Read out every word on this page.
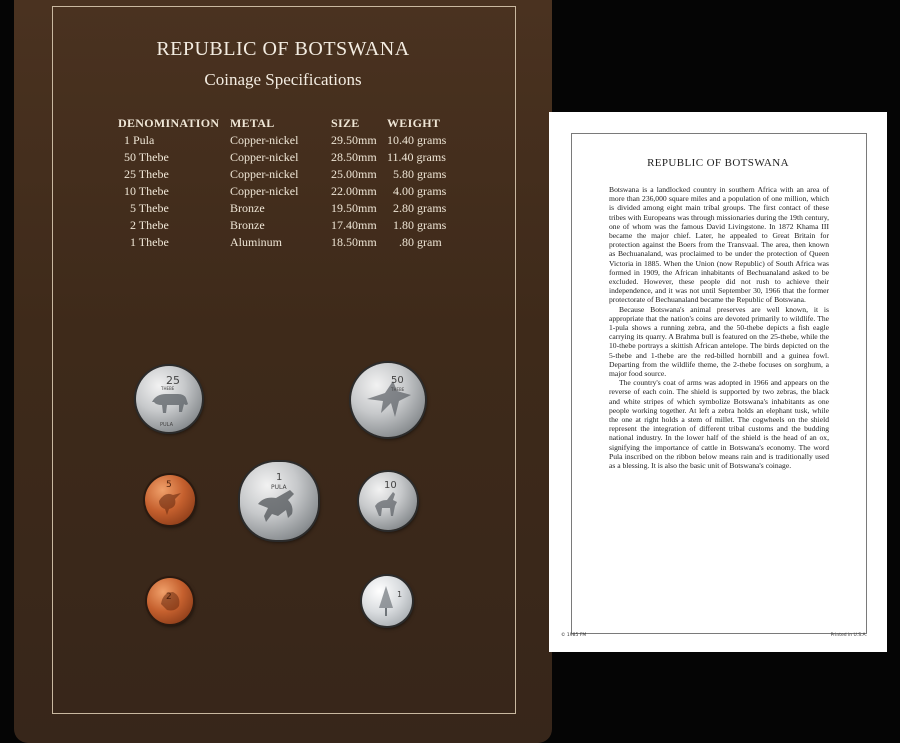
REPUBLIC OF BOTSWANA
Coinage Specifications
DENOMINATION METAL	SIZE WEIGHT
1 Pula	Copper-nickel	29.50mm 10.40 grams
50 Thebe	Copper-nickel	28.50mm 11.40 grams
25 Thebe	Copper-nickel	25.00mm	5.80 grams
10 Thebe	Copper-nickel	22.00mm	4.00 grams
5 Thebe	Bronze	19.50mm	2.80 grams
2 Thebe	Bronze	17.40mm	1.80 grams
1 Thebe	Aluminum	18.50mm	.80 gram
25
THEBE
PULA
50
THEBE
5
1
PULA	10
2	1
REPUBLIC OF BOTSWANA

Botswana is a landlocked country in southern Africa with an area of more than 236,000 square miles and a population of one million, which is divided among eight main tribal groups. The first contact of these tribes with Europeans was through missionaries during the 19th century, one of whom was the famous David Livingstone. In 1872 Khama III became the major chief. Later, he appealed to Great Britain for protection against the Boers from the Transvaal. The area, then known as Bechuanaland, was proclaimed to be under the protection of Queen Victoria in 1885. When the Union (now Republic) of South Africa was formed in 1909, the African inhabitants of Bechuanaland asked to be excluded. However, these people did not rush to achieve their independence, and it was not until September 30, 1966 that the former protectorate of Bechuanaland became the Republic of Botswana.

Because Botswana's animal preserves are well known, it is appropriate that the nation's coins are devoted primarily to wildlife. The 1-pula shows a running zebra, and the 50-thebe depicts a fish eagle carrying its quarry. A Brahma bull is featured on the 25-thebe, while the 10-thebe portrays a skittish African antelope. The birds depicted on the 5-thebe and 1-thebe are the red-billed hornbill and a guinea fowl. Departing from the wildlife theme, the 2-thebe focuses on sorghum, a major food source.

The country's coat of arms was adopted in 1966 and appears on the reverse of each coin. The shield is supported by two zebras, the black and white stripes of which symbolize Botswana's inhabitants as one people working together. At left a zebra holds an elephant tusk, while the one at right holds a stem of millet. The cogwheels on the shield represent the integration of different tribal customs and the budding national industry. In the lower half of the shield is the head of an ox, signifying the importance of cattle in Botswana's economy. The word Pula inscribed on the ribbon below means rain and is traditionally used as a blessing. It is also the basic unit of Botswana's coinage.

© 1985 FM	Printed in U.S.A.
